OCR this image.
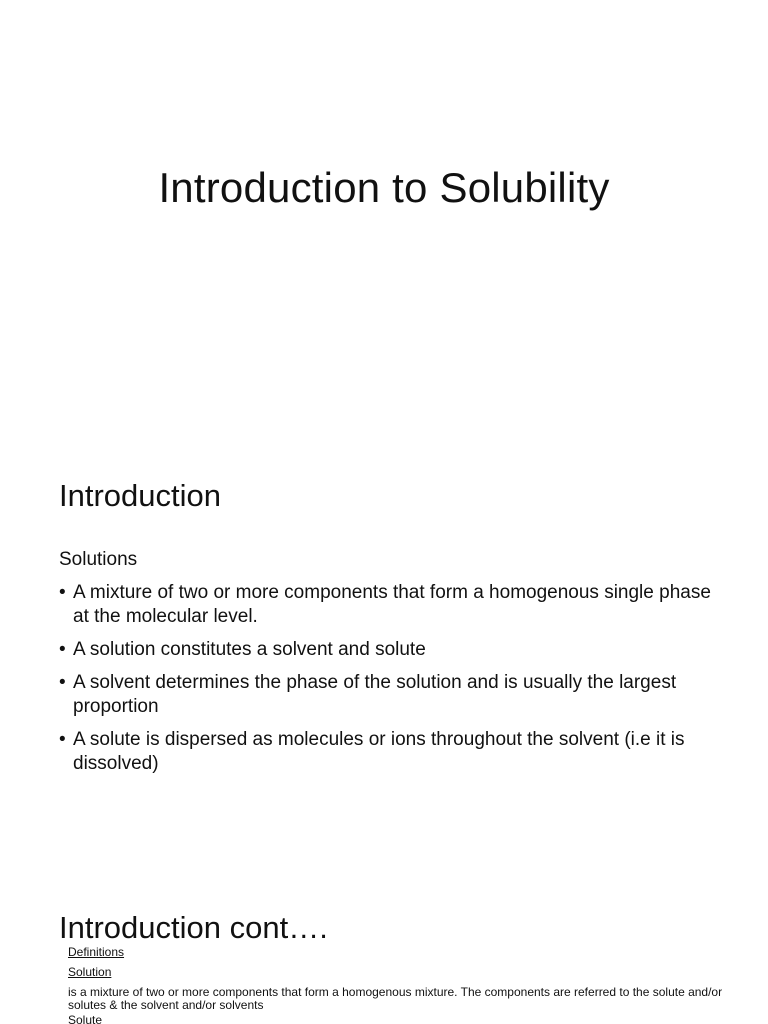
Introduction to Solubility
Introduction
Solutions
• A mixture of two or more components that form a homogenous single phase at the molecular level.
• A solution constitutes a solvent and solute
• A solvent determines the phase of the solution and is usually the largest proportion
• A solute is dispersed as molecules or ions throughout the solvent (i.e it is dissolved)
Introduction cont….
Definitions
Solution
is a mixture of two or more components that form a homogenous mixture. The components are referred to the solute and/or solutes & the solvent and/or solvents
Solute
